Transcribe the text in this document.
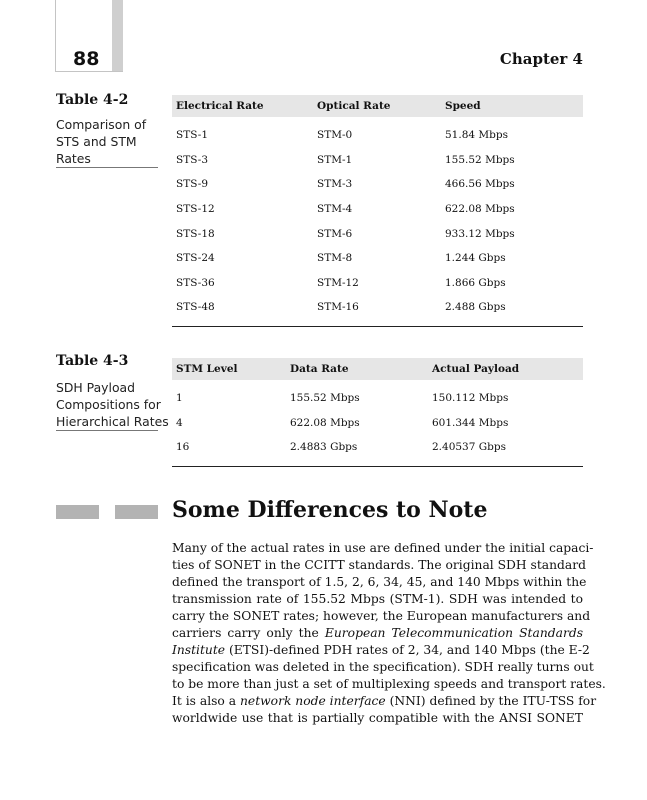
88	Chapter 4
Table 4-2
Comparison of
STS and STM
Rates
Electrical Rate	Optical Rate	Speed
STS-1	STM-0	51.84 Mbps
STS-3	STM-1	155.52 Mbps
STS-9	STM-3	466.56 Mbps
STS-12	STM-4	622.08 Mbps
STS-18	STM-6	933.12 Mbps
STS-24	STM-8	1.244 Gbps
STS-36	STM-12	1.866 Gbps
STS-48	STM-16	2.488 Gbps
Table 4-3
SDH Payload
Compositions for
Hierarchical Rates
STM Level	Data Rate	Actual Payload
1	155.52 Mbps	150.112 Mbps
4	622.08 Mbps	601.344 Mbps
16	2.4883 Gbps	2.40537 Gbps
Some Differences to Note
Many of the actual rates in use are defined under the initial capaci-
ties of SONET in the CCITT standards. The original SDH standard
defined the transport of 1.5, 2, 6, 34, 45, and 140 Mbps within the
transmission rate of 155.52 Mbps (STM-1). SDH was intended to
carry the SONET rates; however, the European manufacturers and
carriers carry only the European Telecommunication Standards
Institute (ETSI)-defined PDH rates of 2, 34, and 140 Mbps (the E-2
specification was deleted in the specification). SDH really turns out
to be more than just a set of multiplexing speeds and transport rates.
It is also a network node interface (NNI) defined by the ITU-TSS for
worldwide use that is partially compatible with the ANSI SONET
